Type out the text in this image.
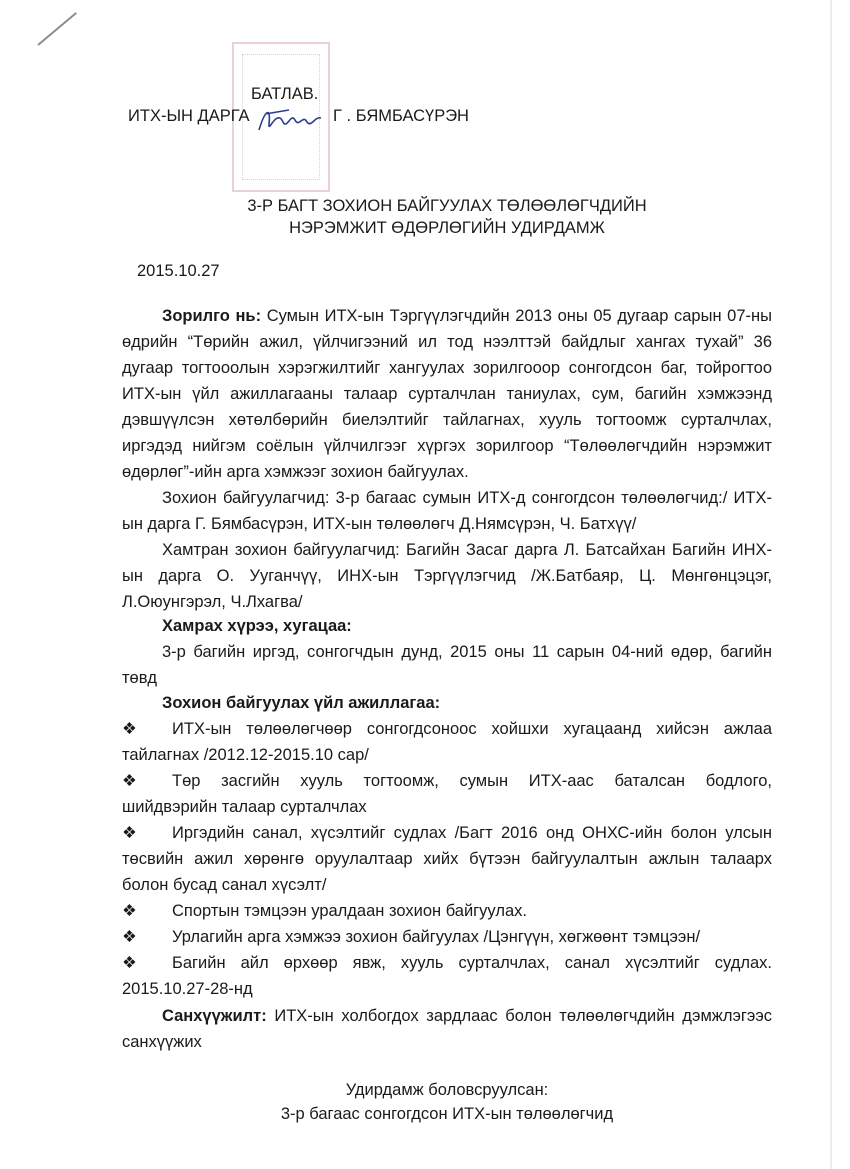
БАТЛАВ.
ИТХ-ЫН ДАРГА	Г . БЯМБАСҮРЭН
3-Р БАГТ ЗОХИОН БАЙГУУЛАХ ТӨЛӨӨЛӨГЧДИЙН
НЭРЭМЖИТ ӨДӨРЛӨГИЙН УДИРДАМЖ
2015.10.27
Зорилго нь: Сумын ИТХ-ын Тэргүүлэгчдийн 2013 оны 05 дугаар сарын 07-ны
өдрийн “Төрийн ажил, үйлчигээний ил тод нээлттэй байдлыг хангах тухай” 36
дугаар тогтооолын хэрэгжилтийг хангуулах зорилгооор сонгогдсон баг, тойрогтоо
ИТХ-ын үйл ажиллагааны талаар сурталчлан таниулах, сум, багийн хэмжээнд
дэвшүүлсэн хөтөлбөрийн биелэлтийг тайлагнах, хууль тогтоомж сурталчлах,
иргэдэд нийгэм соёлын үйлчилгээг хүргэх зорилгоор “Төлөөлөгчдийн нэрэмжит
өдөрлөг”-ийн арга хэмжээг зохион байгуулах.
Зохион байгуулагчид: 3-р багаас сумын ИТХ-д сонгогдсон төлөөлөгчид:/ ИТХ-
ын дарга Г. Бямбасүрэн, ИТХ-ын төлөөлөгч Д.Нямсүрэн, Ч. Батхүү/
Хамтран зохион байгуулагчид: Багийн Засаг дарга Л. Батсайхан Багийн ИНХ-
ын дарга О. Ууганчүү, ИНХ-ын Тэргүүлэгчид /Ж.Батбаяр, Ц. Мөнгөнцэцэг,
Л.Оюунгэрэл, Ч.Лхагва/
Хамрах хүрээ, хугацаа:
3-р багийн иргэд, сонгогчдын дунд, 2015 оны 11 сарын 04-ний өдөр, багийн
төвд
Зохион байгуулах үйл ажиллагаа:
❖ ИТХ-ын төлөөлөгчөөр сонгогдсоноос хойшхи хугацаанд хийсэн ажлаа
тайлагнах /2012.12-2015.10 сар/
❖ Төр засгийн хууль тогтоомж, сумын ИТХ-аас баталсан бодлого,
шийдвэрийн талаар сурталчлах
❖ Иргэдийн санал, хүсэлтийг судлах /Багт 2016 онд ОНХС-ийн болон улсын
төсвийн ажил хөрөнгө оруулалтаар хийх бүтээн байгуулалтын ажлын талаарх
болон бусад санал хүсэлт/
❖ Спортын тэмцээн уралдаан зохион байгуулах.
❖ Урлагийн арга хэмжээ зохион байгуулах /Цэнгүүн, хөгжөөнт тэмцээн/
❖ Багийн айл өрхөөр явж, хууль сурталчлах, санал хүсэлтийг судлах.
2015.10.27-28-нд
Санхүүжилт: ИТХ-ын холбогдох зардлаас болон төлөөлөгчдийн дэмжлэгээс
санхүүжих
Удирдамж боловсруулсан:
3-р багаас сонгогдсон ИТХ-ын төлөөлөгчид
